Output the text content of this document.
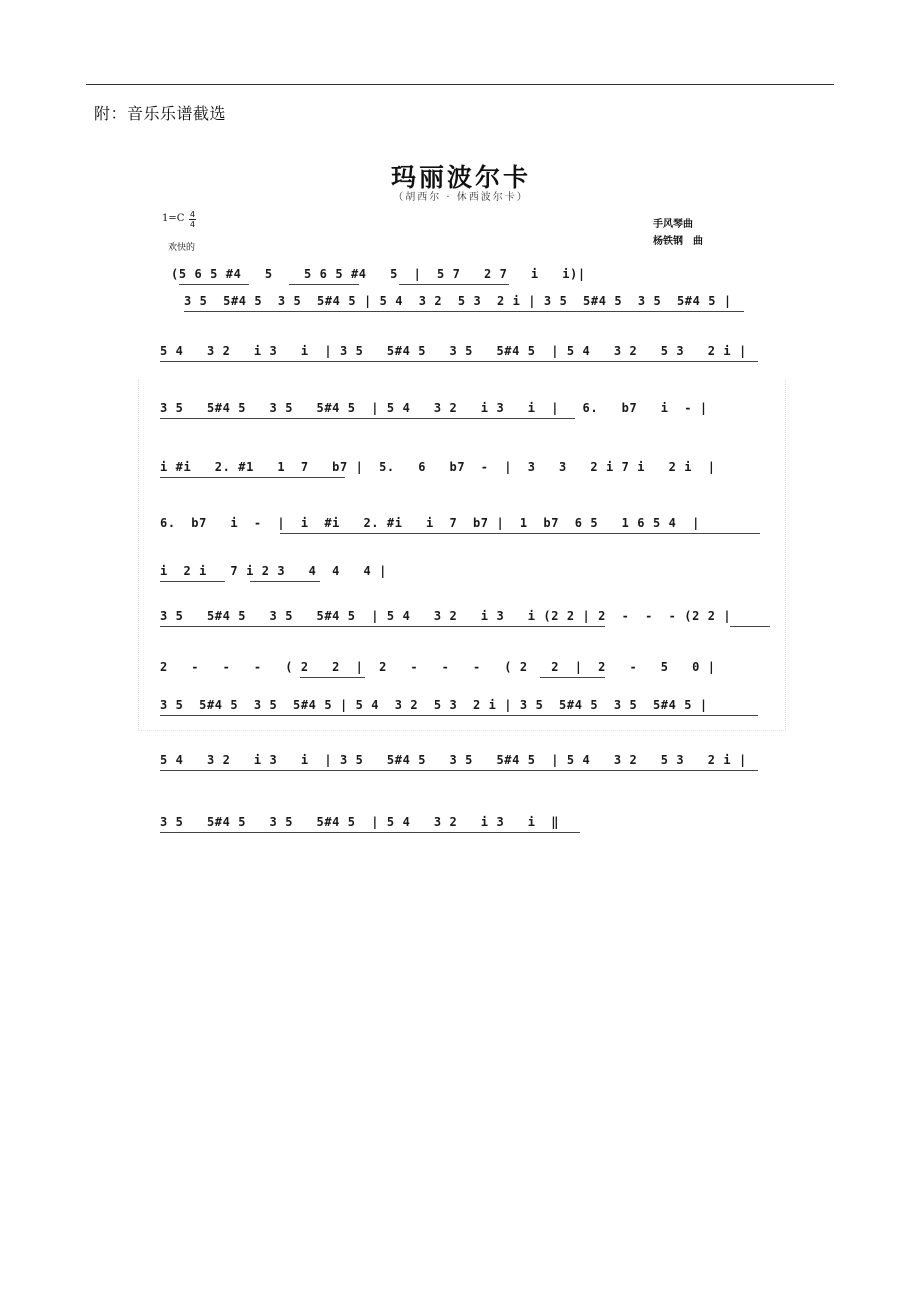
附：音乐乐谱截选
玛丽波尔卡
（胡西尔 · 休西波尔卡）
1=C 4
4
欢快的
手风琴曲
杨铁钢　曲
(5 6 5 #4   5    5 6 5 #4   5  |  5 7   2 7   i   i)|
3 5  5#4 5  3 5  5#4 5 | 5 4  3 2  5 3  2 i | 3 5  5#4 5  3 5  5#4 5 |
5 4   3 2   i 3   i  | 3 5   5#4 5   3 5   5#4 5  | 5 4   3 2   5 3   2 i |
3 5   5#4 5   3 5   5#4 5  | 5 4   3 2   i 3   i  |   6.   b7   i  - |
i #i   2. #1   1  7   b7 |  5.   6   b7  -  |  3   3   2 i 7 i   2 i  |
6.  b7   i  -  |  i  #i   2. #i   i  7  b7 |  1  b7  6 5   1 6 5 4  |
i  2 i   7 i 2 3   4  4   4 |
3 5   5#4 5   3 5   5#4 5  | 5 4   3 2   i 3   i (2 2 | 2  -  -  - (2 2 |
2   -   -   -   ( 2   2  |  2   -   -   -   ( 2   2  |  2   -   5   0 |
3 5  5#4 5  3 5  5#4 5 | 5 4  3 2  5 3  2 i | 3 5  5#4 5  3 5  5#4 5 |
5 4   3 2   i 3   i  | 3 5   5#4 5   3 5   5#4 5  | 5 4   3 2   5 3   2 i |
3 5   5#4 5   3 5   5#4 5  | 5 4   3 2   i 3   i  ‖
